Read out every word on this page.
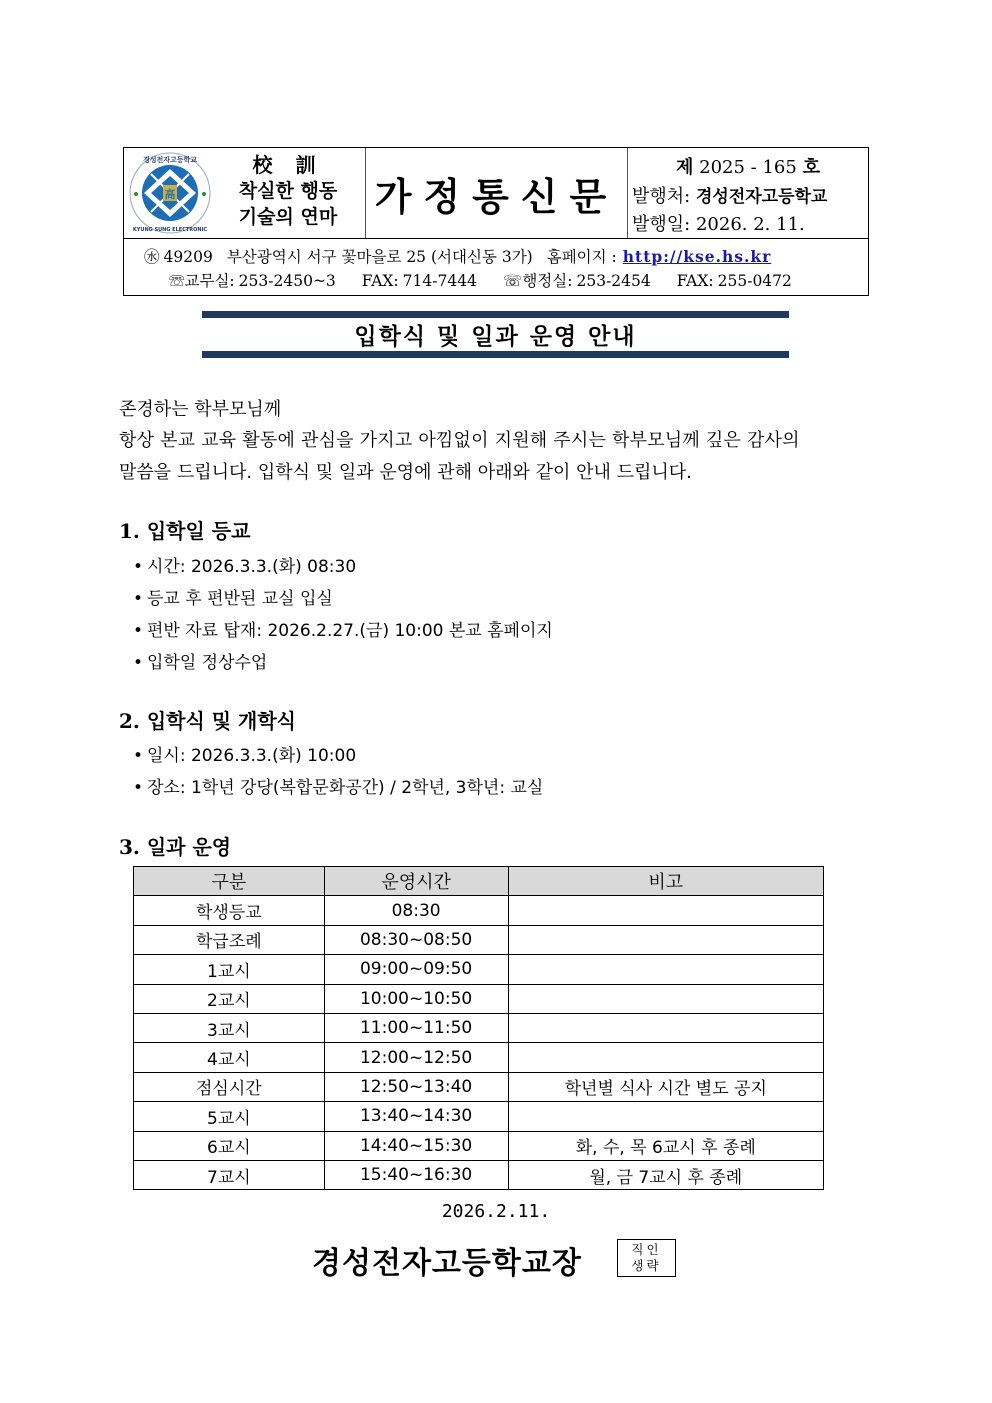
高
경성전자고등학교
KYUNG SUNG ELECTRONIC
校 訓
착실한 행동
기술의 연마 가정통신문
제 2025 - 165 호
발행처: 경성전자고등학교
발행일: 2026. 2. 11.
㊌ 49209 부산광역시 서구 꽃마을로 25 (서대신동 3가) 홈페이지 : http://kse.hs.kr
☏교무실: 253-2450~3 FAX: 714-7444 ☏행정실: 253-2454 FAX: 255-0472
입학식 및 일과 운영 안내
존경하는 학부모님께
항상 본교 교육 활동에 관심을 가지고 아낌없이 지원해 주시는 학부모님께 깊은 감사의
말씀을 드립니다. 입학식 및 일과 운영에 관해 아래와 같이 안내 드립니다.
1. 입학일 등교
• 시간: 2026.3.3.(화) 08:30
• 등교 후 편반된 교실 입실
• 편반 자료 탑재: 2026.2.27.(금) 10:00 본교 홈페이지
• 입학일 정상수업
2. 입학식 및 개학식
• 일시: 2026.3.3.(화) 10:00
• 장소: 1학년 강당(복합문화공간) / 2학년, 3학년: 교실
3. 일과 운영
구분	운영시간	비고
학생등교	08:30	
학급조례	08:30~08:50	
1교시	09:00~09:50	
2교시	10:00~10:50	
3교시	11:00~11:50	
4교시	12:00~12:50	
점심시간	12:50~13:40	학년별 식사 시간 별도 공지
5교시	13:40~14:30	
6교시	14:40~15:30	화, 수, 목 6교시 후 종례
7교시	15:40~16:30	월, 금 7교시 후 종례
2026.2.11.
경성전자고등학교장	직인
생략
